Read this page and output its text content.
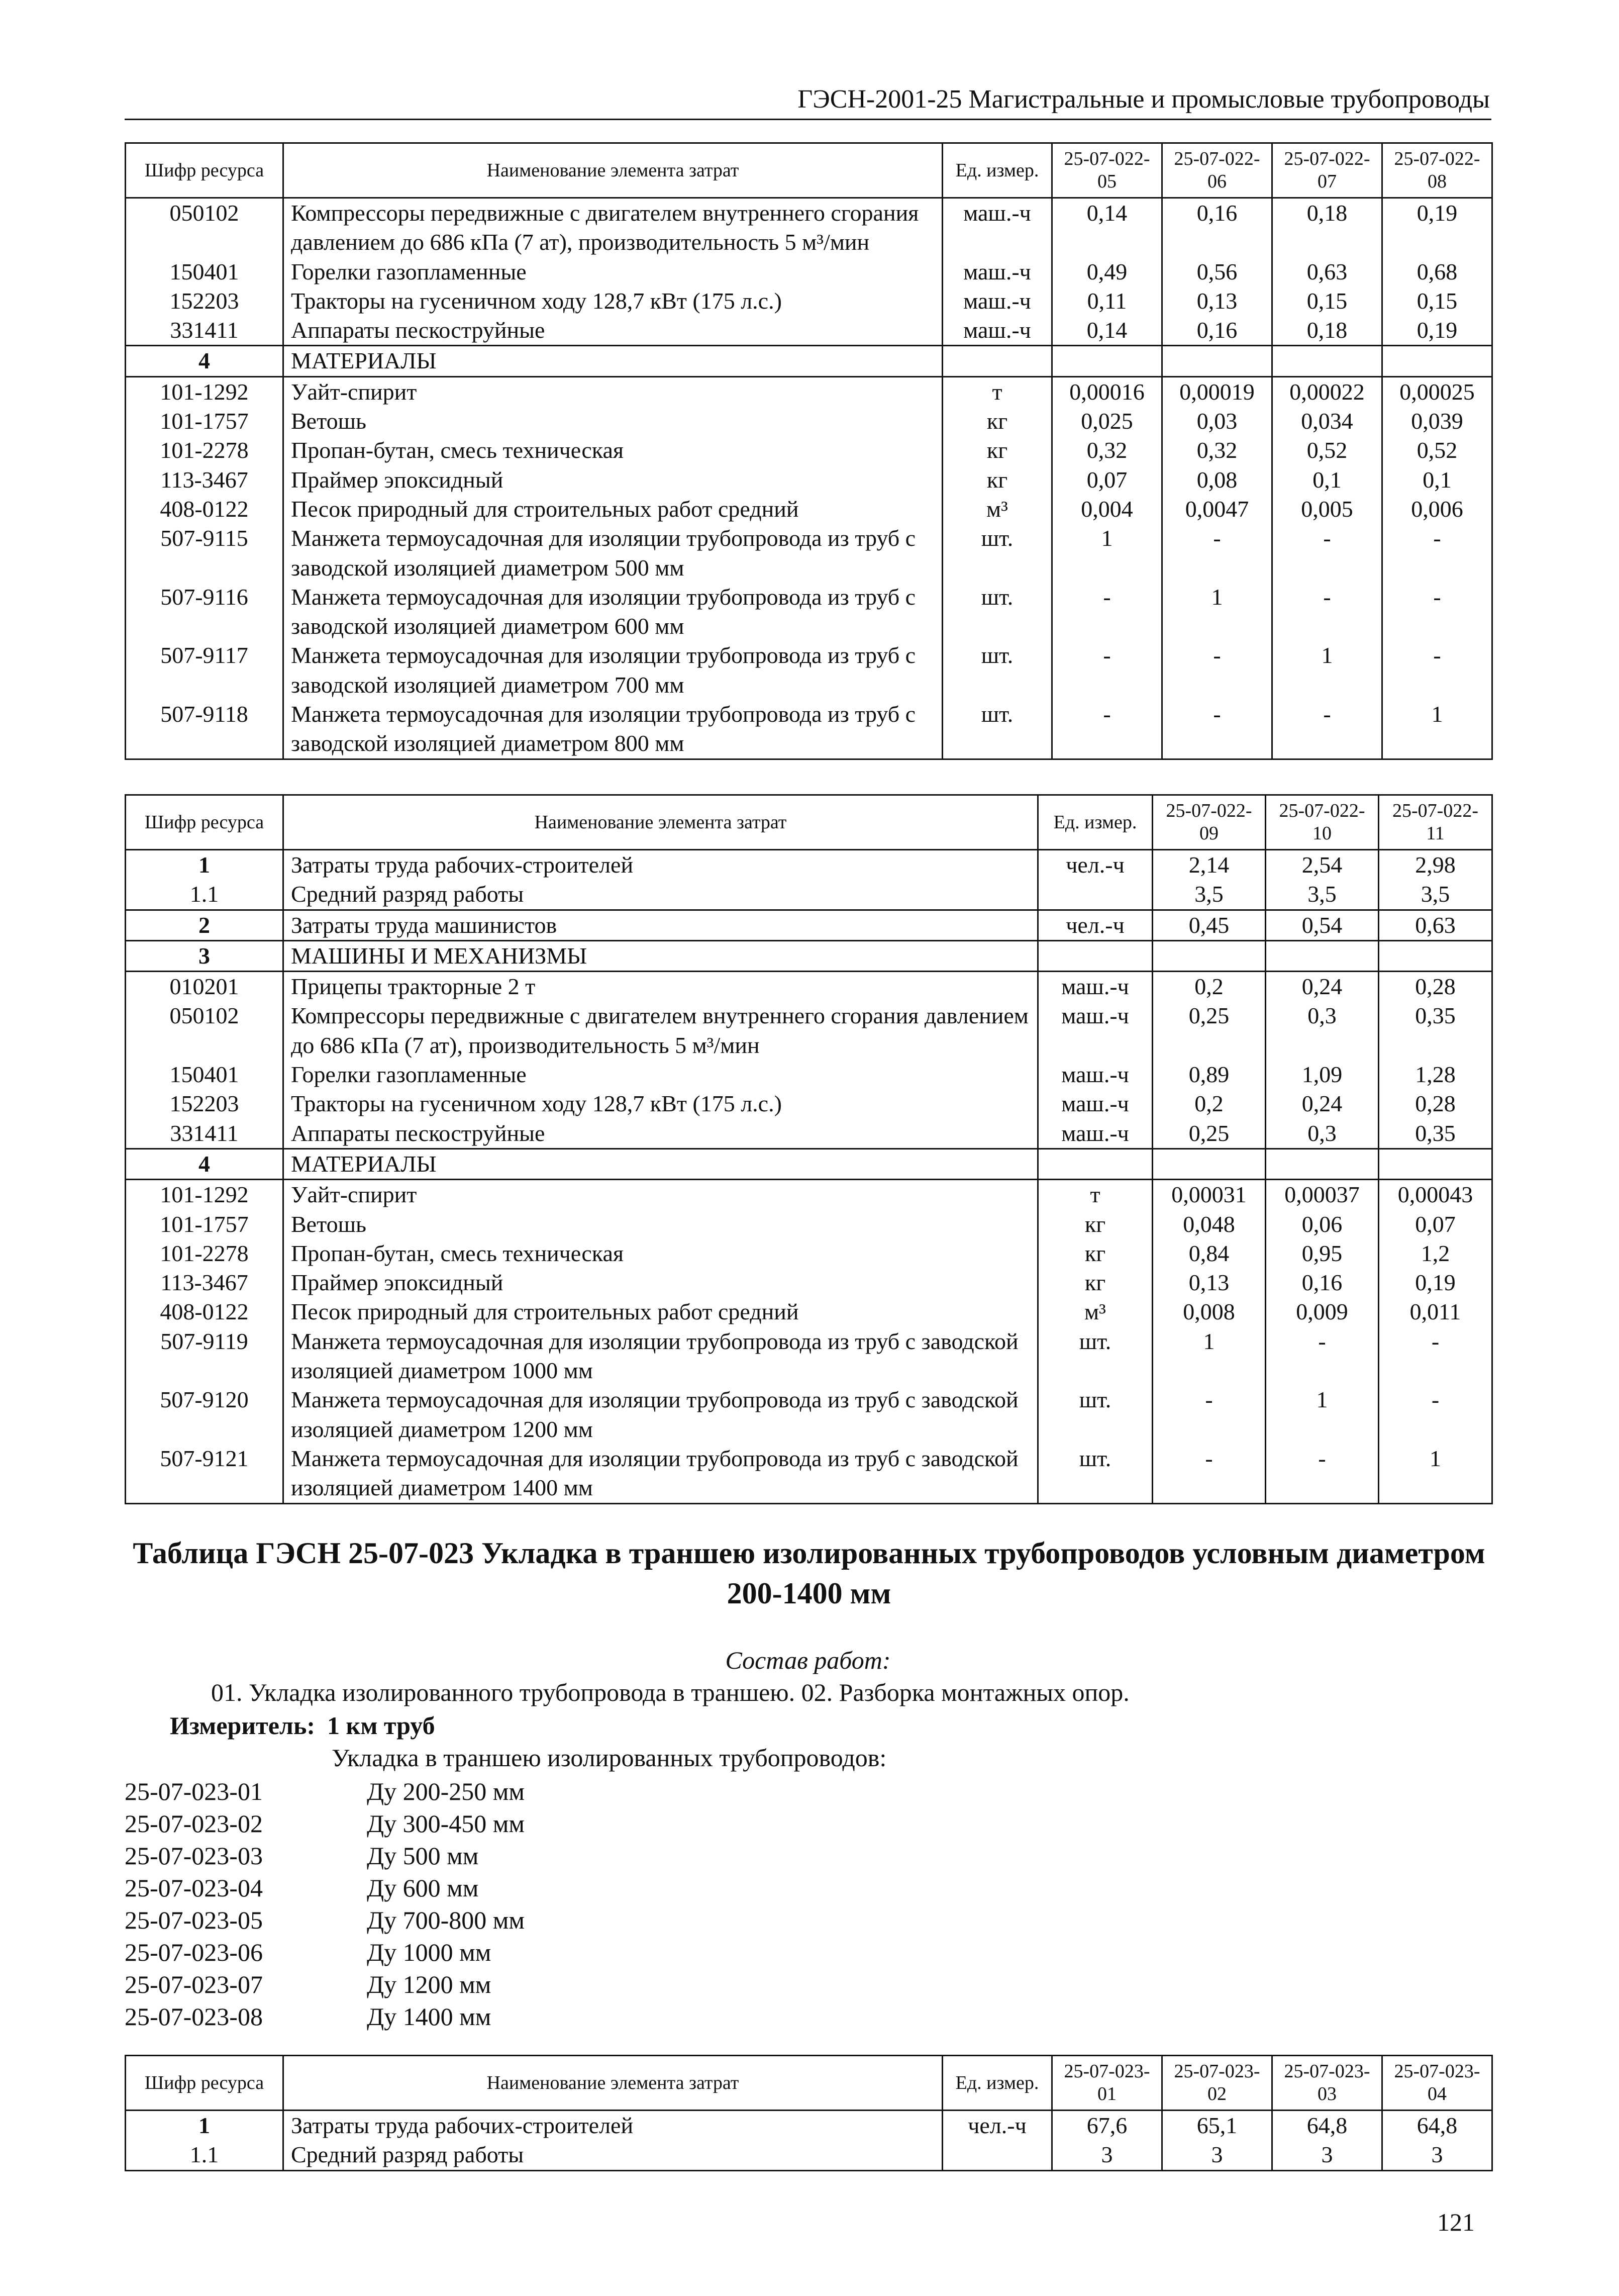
ГЭСН-2001-25 Магистральные и промысловые трубопроводы
Шифр ресурса	Наименование элемента затрат	Ед. измер.	25-07-022-05	25-07-022-06	25-07-022-07	25-07-022-08
050102	Компрессоры передвижные с двигателем внутреннего сгорания давлением до 686 кПа (7 ат), производительность 5 м³/мин	маш.-ч	0,14	0,16	0,18	0,19
150401	Горелки газопламенные	маш.-ч	0,49	0,56	0,63	0,68
152203	Тракторы на гусеничном ходу 128,7 кВт (175 л.с.)	маш.-ч	0,11	0,13	0,15	0,15
331411	Аппараты пескоструйные	маш.-ч	0,14	0,16	0,18	0,19
4	МАТЕРИАЛЫ					
101-1292	Уайт-спирит	т	0,00016	0,00019	0,00022	0,00025
101-1757	Ветошь	кг	0,025	0,03	0,034	0,039
101-2278	Пропан-бутан, смесь техническая	кг	0,32	0,32	0,52	0,52
113-3467	Праймер эпоксидный	кг	0,07	0,08	0,1	0,1
408-0122	Песок природный для строительных работ средний	м³	0,004	0,0047	0,005	0,006
507-9115	Манжета термоусадочная для изоляции трубопровода из труб с заводской изоляцией диаметром 500 мм	шт.	1	-	-	-
507-9116	Манжета термоусадочная для изоляции трубопровода из труб с заводской изоляцией диаметром 600 мм	шт.	-	1	-	-
507-9117	Манжета термоусадочная для изоляции трубопровода из труб с заводской изоляцией диаметром 700 мм	шт.	-	-	1	-
507-9118	Манжета термоусадочная для изоляции трубопровода из труб с заводской изоляцией диаметром 800 мм	шт.	-	-	-	1
Шифр ресурса	Наименование элемента затрат	Ед. измер.	25-07-022-09	25-07-022-10	25-07-022-11
1	Затраты труда рабочих-строителей	чел.-ч	2,14	2,54	2,98
1.1	Средний разряд работы		3,5	3,5	3,5
2	Затраты труда машинистов	чел.-ч	0,45	0,54	0,63
3	МАШИНЫ И МЕХАНИЗМЫ				
010201	Прицепы тракторные 2 т	маш.-ч	0,2	0,24	0,28
050102	Компрессоры передвижные с двигателем внутреннего сгорания давлением до 686 кПа (7 ат), производительность 5 м³/мин	маш.-ч	0,25	0,3	0,35
150401	Горелки газопламенные	маш.-ч	0,89	1,09	1,28
152203	Тракторы на гусеничном ходу 128,7 кВт (175 л.с.)	маш.-ч	0,2	0,24	0,28
331411	Аппараты пескоструйные	маш.-ч	0,25	0,3	0,35
4	МАТЕРИАЛЫ				
101-1292	Уайт-спирит	т	0,00031	0,00037	0,00043
101-1757	Ветошь	кг	0,048	0,06	0,07
101-2278	Пропан-бутан, смесь техническая	кг	0,84	0,95	1,2
113-3467	Праймер эпоксидный	кг	0,13	0,16	0,19
408-0122	Песок природный для строительных работ средний	м³	0,008	0,009	0,011
507-9119	Манжета термоусадочная для изоляции трубопровода из труб с заводской изоляцией диаметром 1000 мм	шт.	1	-	-
507-9120	Манжета термоусадочная для изоляции трубопровода из труб с заводской изоляцией диаметром 1200 мм	шт.	-	1	-
507-9121	Манжета термоусадочная для изоляции трубопровода из труб с заводской изоляцией диаметром 1400 мм	шт.	-	-	1
Таблица ГЭСН 25-07-023 Укладка в траншею изолированных трубопроводов условным диаметром 200-1400 мм
Состав работ:
01. Укладка изолированного трубопровода в траншею. 02. Разборка монтажных опор.
Измеритель: 1 км труб
Укладка в траншею изолированных трубопроводов:
25-07-023-01	Ду 200-250 мм
25-07-023-02	Ду 300-450 мм
25-07-023-03	Ду 500 мм
25-07-023-04	Ду 600 мм
25-07-023-05	Ду 700-800 мм
25-07-023-06	Ду 1000 мм
25-07-023-07	Ду 1200 мм
25-07-023-08	Ду 1400 мм
Шифр ресурса	Наименование элемента затрат	Ед. измер.	25-07-023-01	25-07-023-02	25-07-023-03	25-07-023-04
1	Затраты труда рабочих-строителей	чел.-ч	67,6	65,1	64,8	64,8
1.1	Средний разряд работы		3	3	3	3
121
